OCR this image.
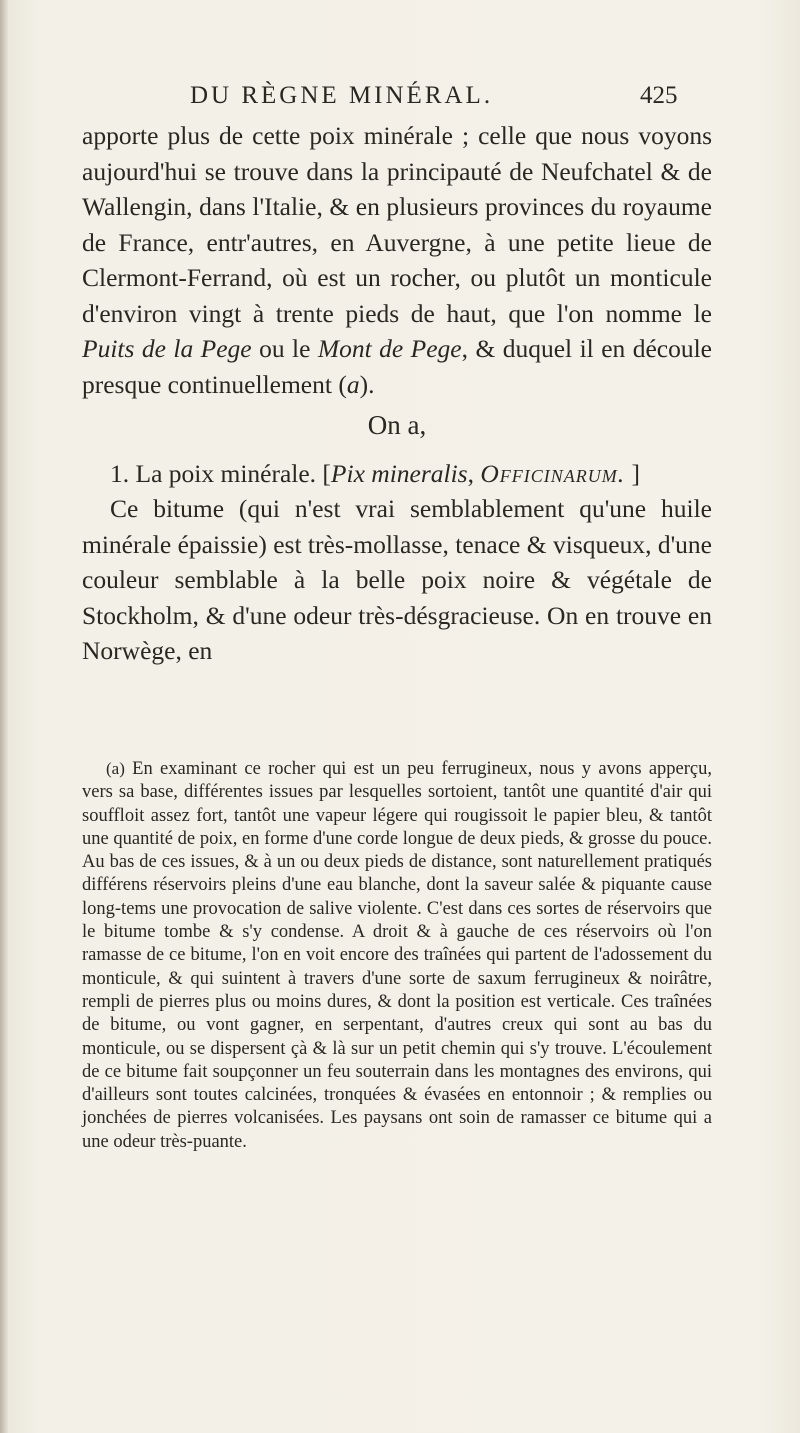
DU RÈGNE MINÉRAL.	425

apporte plus de cette poix minérale ; celle que nous voyons aujourd'hui se trouve dans la principauté de Neufchatel & de Wallengin, dans l'Italie, & en plusieurs provinces du royaume de France, entr'autres, en Auvergne, à une petite lieue de Clermont-Ferrand, où est un rocher, ou plutôt un monticule d'environ vingt à trente pieds de haut, que l'on nomme le Puits de la Pege ou le Mont de Pege, & duquel il en découle presque continuellement (a).

On a,

1. La poix minérale. [Pix mineralis, Officinarum. ]

Ce bitume (qui n'est vrai semblablement qu'une huile minérale épaissie) est très-mollasse, tenace & visqueux, d'une couleur semblable à la belle poix noire & végétale de Stockholm, & d'une odeur très-désgracieuse. On en trouve en Norwège, en

(a) En examinant ce rocher qui est un peu ferrugineux, nous y avons apperçu, vers sa base, différentes issues par lesquelles sortoient, tantôt une quantité d'air qui souffloit assez fort, tantôt une vapeur légere qui rougissoit le papier bleu, & tantôt une quantité de poix, en forme d'une corde longue de deux pieds, & grosse du pouce. Au bas de ces issues, & à un ou deux pieds de distance, sont naturellement pratiqués différens réservoirs pleins d'une eau blanche, dont la saveur salée & piquante cause long-tems une provocation de salive violente. C'est dans ces sortes de réservoirs que le bitume tombe & s'y condense. A droit & à gauche de ces réservoirs où l'on ramasse de ce bitume, l'on en voit encore des traînées qui partent de l'adossement du monticule, & qui suintent à travers d'une sorte de saxum ferrugineux & noirâtre, rempli de pierres plus ou moins dures, & dont la position est verticale. Ces traînées de bitume, ou vont gagner, en serpentant, d'autres creux qui sont au bas du monticule, ou se dispersent çà & là sur un petit chemin qui s'y trouve. L'écoulement de ce bitume fait soupçonner un feu souterrain dans les montagnes des environs, qui d'ailleurs sont toutes calcinées, tronquées & évasées en entonnoir ; & remplies ou jonchées de pierres volcanisées. Les paysans ont soin de ramasser ce bitume qui a une odeur très-puante.
